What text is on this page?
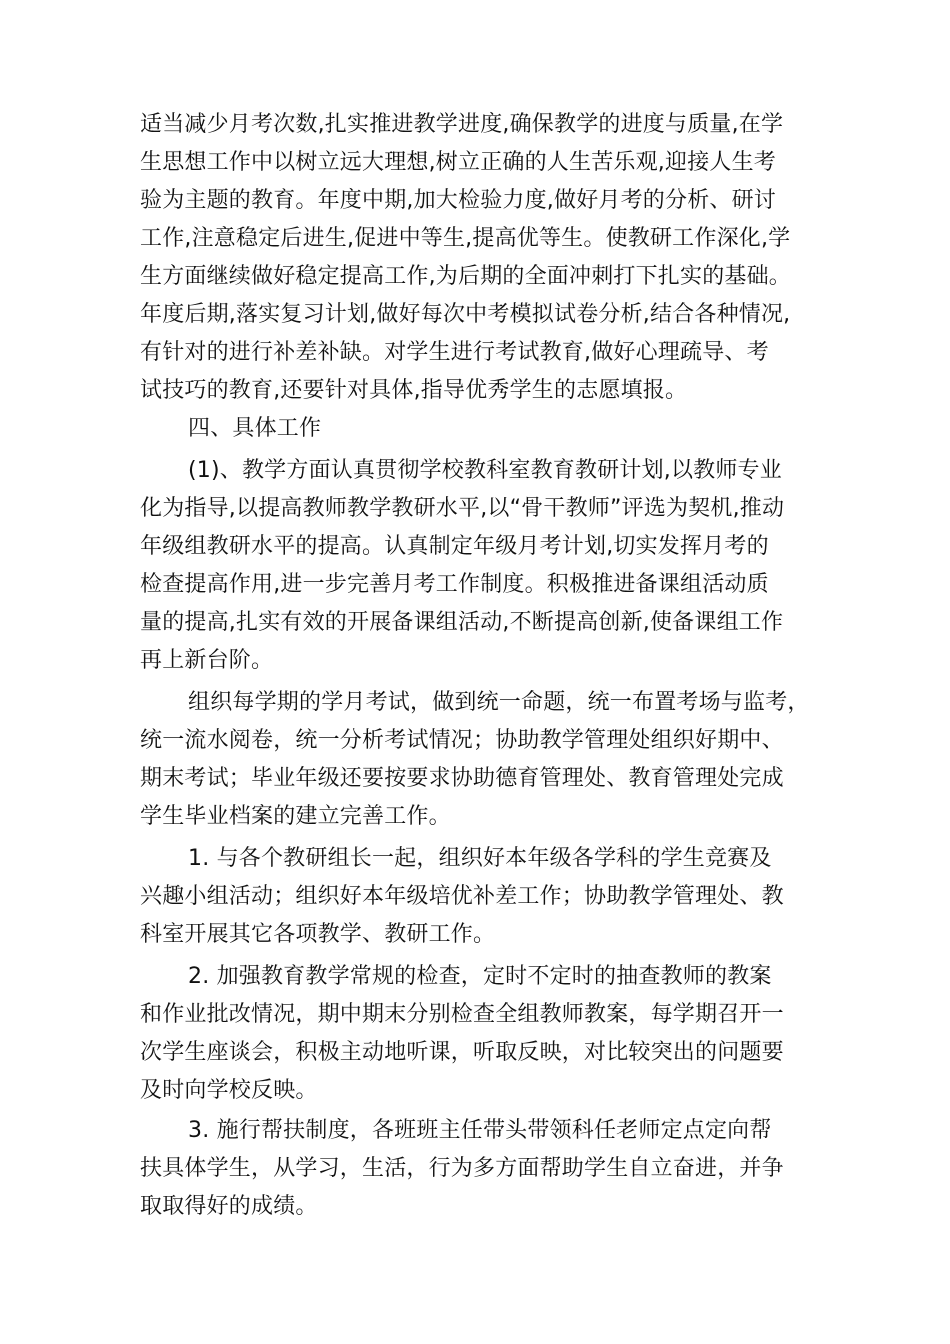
适当减少月考次数,扎实推进教学进度,确保教学的进度与质量,在学
生思想工作中以树立远大理想,树立正确的人生苦乐观,迎接人生考
验为主题的教育。年度中期,加大检验力度,做好月考的分析、研讨
工作,注意稳定后进生,促进中等生,提高优等生。使教研工作深化,学
生方面继续做好稳定提高工作,为后期的全面冲刺打下扎实的基础。
年度后期,落实复习计划,做好每次中考模拟试卷分析,结合各种情况,
有针对的进行补差补缺。对学生进行考试教育,做好心理疏导、考
试技巧的教育,还要针对具体,指导优秀学生的志愿填报。
四、具体工作
(1)、教学方面认真贯彻学校教科室教育教研计划,以教师专业
化为指导,以提高教师教学教研水平,以“骨干教师”评选为契机,推动
年级组教研水平的提高。认真制定年级月考计划,切实发挥月考的
检查提高作用,进一步完善月考工作制度。积极推进备课组活动质
量的提高,扎实有效的开展备课组活动,不断提高创新,使备课组工作
再上新台阶。
组织每学期的学月考试，做到统一命题，统一布置考场与监考，
统一流水阅卷，统一分析考试情况；协助教学管理处组织好期中、
期末考试；毕业年级还要按要求协助德育管理处、教育管理处完成
学生毕业档案的建立完善工作。
1. 与各个教研组长一起，组织好本年级各学科的学生竞赛及
兴趣小组活动；组织好本年级培优补差工作；协助教学管理处、教
科室开展其它各项教学、教研工作。
2. 加强教育教学常规的检查，定时不定时的抽查教师的教案
和作业批改情况，期中期末分别检查全组教师教案，每学期召开一
次学生座谈会，积极主动地听课，听取反映，对比较突出的问题要
及时向学校反映。
3. 施行帮扶制度，各班班主任带头带领科任老师定点定向帮
扶具体学生，从学习，生活，行为多方面帮助学生自立奋进，并争
取取得好的成绩。
